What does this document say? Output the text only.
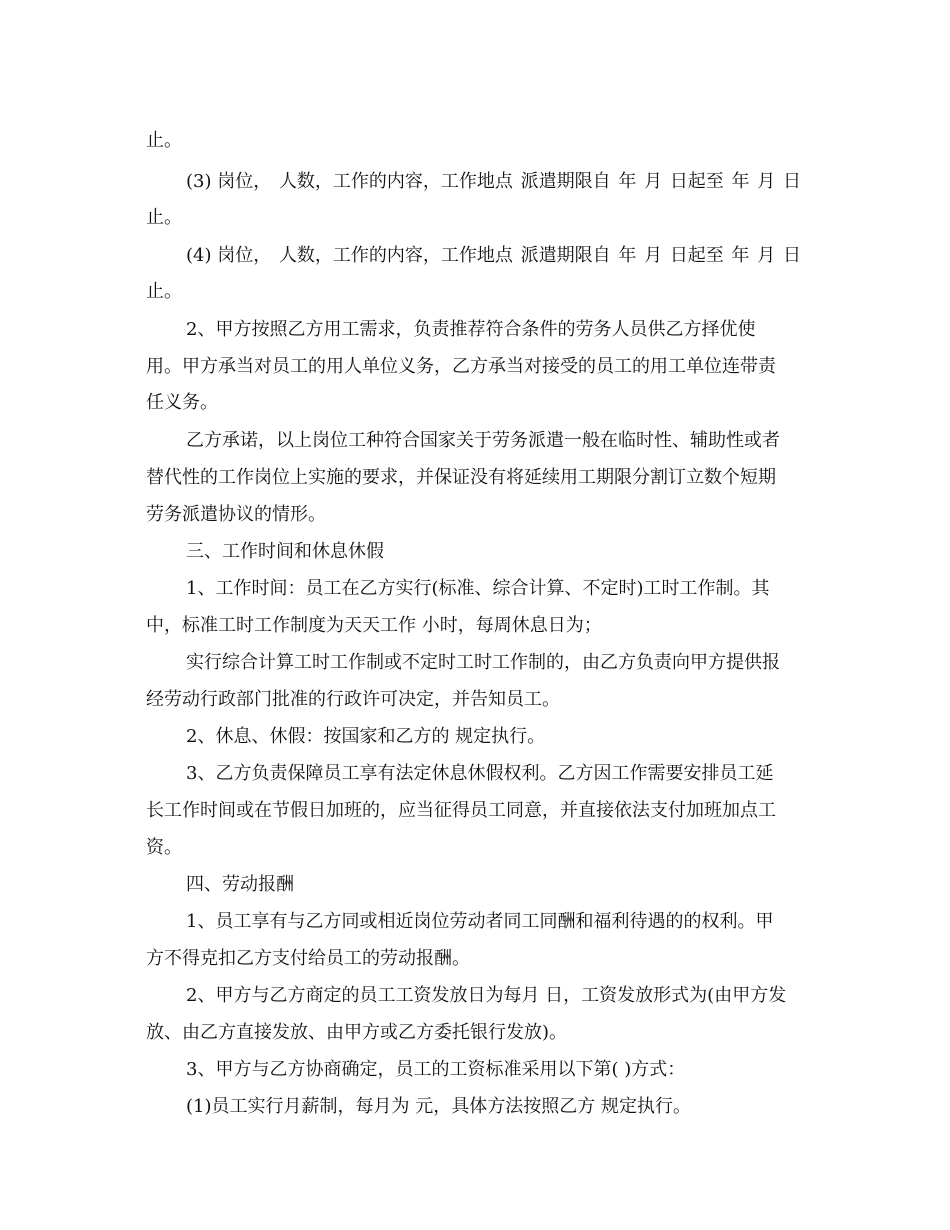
止。
(3) 岗位， 人数，工作的内容，工作地点 派遣期限自 年 月 日起至 年 月 日
止。
(4) 岗位， 人数，工作的内容，工作地点 派遣期限自 年 月 日起至 年 月 日
止。
2、甲方按照乙方用工需求，负责推荐符合条件的劳务人员供乙方择优使
用。甲方承当对员工的用人单位义务，乙方承当对接受的员工的用工单位连带责
任义务。
乙方承诺，以上岗位工种符合国家关于劳务派遣一般在临时性、辅助性或者
替代性的工作岗位上实施的要求，并保证没有将延续用工期限分割订立数个短期
劳务派遣协议的情形。
三、工作时间和休息休假
1、工作时间：员工在乙方实行(标准、综合计算、不定时)工时工作制。其
中，标准工时工作制度为天天工作 小时，每周休息日为；
实行综合计算工时工作制或不定时工时工作制的，由乙方负责向甲方提供报
经劳动行政部门批准的行政许可决定，并告知员工。
2、休息、休假：按国家和乙方的 规定执行。
3、乙方负责保障员工享有法定休息休假权利。乙方因工作需要安排员工延
长工作时间或在节假日加班的，应当征得员工同意，并直接依法支付加班加点工
资。
四、劳动报酬
1、员工享有与乙方同或相近岗位劳动者同工同酬和福利待遇的的权利。甲
方不得克扣乙方支付给员工的劳动报酬。
2、甲方与乙方商定的员工工资发放日为每月 日，工资发放形式为(由甲方发
放、由乙方直接发放、由甲方或乙方委托银行发放)。
3、甲方与乙方协商确定，员工的工资标准采用以下第( )方式：
(1)员工实行月薪制，每月为 元，具体方法按照乙方 规定执行。
